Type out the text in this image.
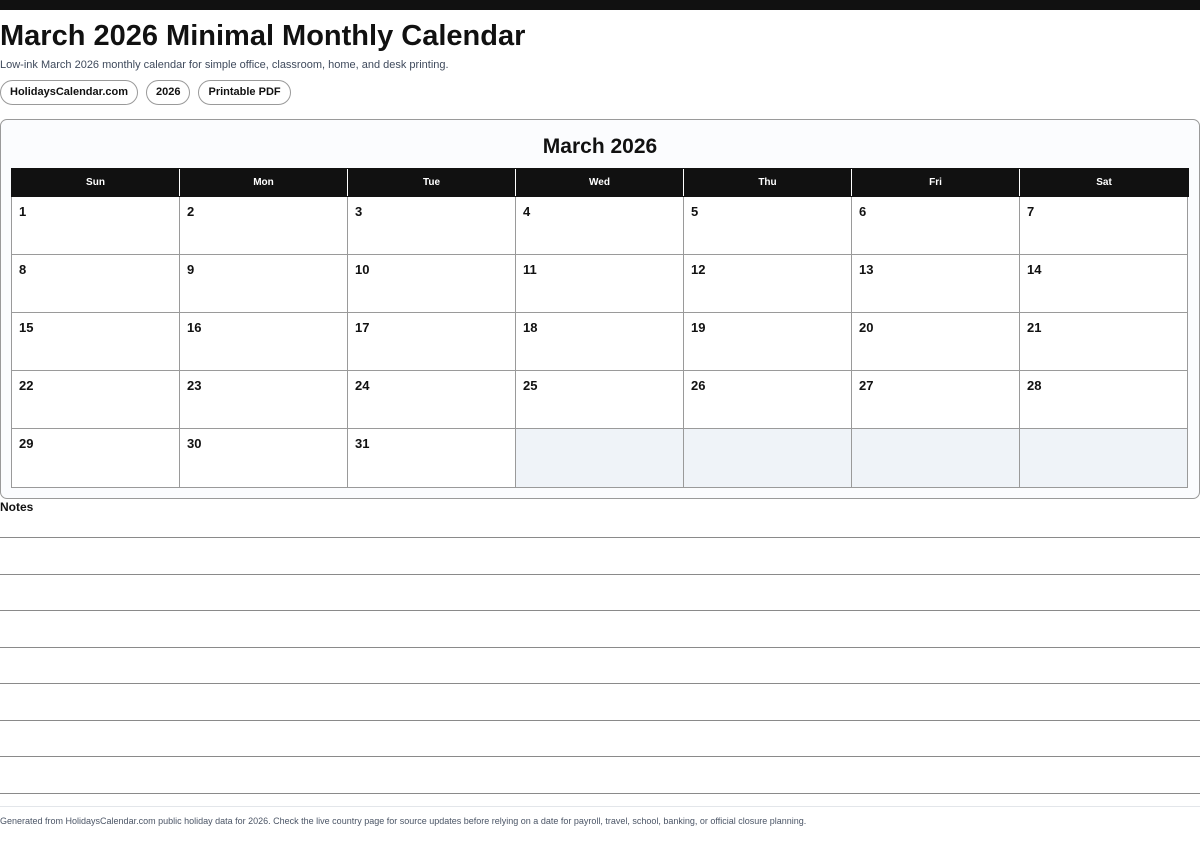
March 2026 Minimal Monthly Calendar

Low-ink March 2026 monthly calendar for simple office, classroom, home, and desk printing.

HolidaysCalendar.com	2026	Printable PDF
March 2026
Sun	Mon	Tue	Wed	Thu	Fri	Sat
1	2	3	4	5	6	7
8	9	10	11	12	13	14
15	16	17	18	19	20	21
22	23	24	25	26	27	28
29	30	31
Notes

Generated from HolidaysCalendar.com public holiday data for 2026. Check the live country page for source updates before relying on a date for payroll, travel, school, banking, or official closure planning.
